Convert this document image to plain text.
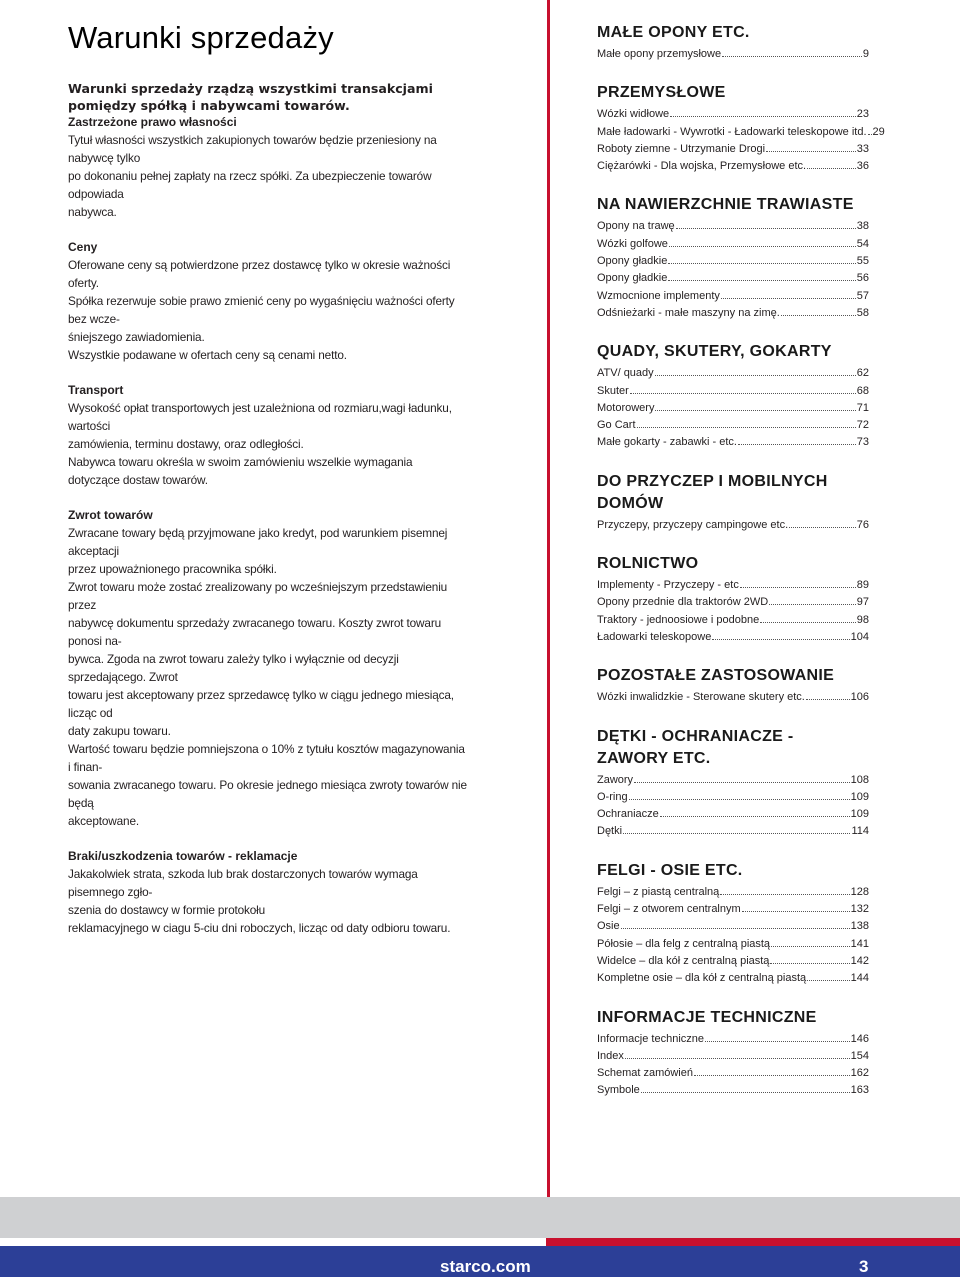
Warunki sprzedaży
Warunki sprzedaży rządzą wszystkimi transakcjami
pomiędzy spółką i nabywcami towarów.
Zastrzeżone prawo własności
Tytuł własności wszystkich zakupionych towarów będzie przeniesiony na nabywcę tylko
po dokonaniu pełnej zapłaty na rzecz spółki. Za ubezpieczenie towarów odpowiada
nabywca.
Ceny
Oferowane ceny są potwierdzone przez dostawcę tylko w okresie ważności oferty.
Spółka rezerwuje sobie prawo zmienić ceny po wygaśnięciu ważności oferty bez wcze-
śniejszego zawiadomienia.
Wszystkie podawane w ofertach ceny są cenami netto.
Transport
Wysokość opłat transportowych jest uzależniona od rozmiaru,wagi ładunku, wartości
zamówienia, terminu dostawy, oraz odległości.
Nabywca towaru określa w swoim zamówieniu wszelkie wymagania
dotyczące dostaw towarów.
Zwrot towarów
Zwracane towary będą przyjmowane jako kredyt, pod warunkiem pisemnej akceptacji
przez upoważnionego pracownika spółki.
Zwrot towaru może zostać zrealizowany po wcześniejszym przedstawieniu przez
nabywcę dokumentu sprzedaży zwracanego towaru. Koszty zwrot towaru ponosi na-
bywca. Zgoda na zwrot towaru zależy tylko i wyłącznie od decyzji sprzedającego. Zwrot
towaru jest akceptowany przez sprzedawcę tylko w ciągu jednego miesiąca, licząc od
daty zakupu towaru.
Wartość towaru będzie pomniejszona o 10% z tytułu kosztów magazynowania i finan-
sowania zwracanego towaru. Po okresie jednego miesiąca zwroty towarów nie będą
akceptowane.
Braki/uszkodzenia towarów - reklamacje
Jakakolwiek strata, szkoda lub brak dostarczonych towarów wymaga pisemnego zgło-
szenia do dostawcy w formie protokołu
reklamacyjnego w ciagu 5-ciu dni roboczych, licząc od daty odbioru towaru.
MAŁE OPONY ETC.
Małe opony przemysłowe	9
PRZEMYSŁOWE
Wózki widłowe	23
Małe ładowarki - Wywrotki - Ładowarki teleskopowe itd. 29
Roboty ziemne - Utrzymanie Drogi	33
Ciężarówki - Dla wojska, Przemysłowe etc.	36
NA NAWIERZCHNIE TRAWIASTE
Opony na trawę	38
Wózki golfowe	54
Opony gładkie	55
Opony gładkie	56
Wzmocnione implementy	57
Odśnieżarki - małe maszyny na zimę.	58
QUADY, SKUTERY, GOKARTY
ATV/ quady	62
Skuter	68
Motorowery	71
Go Cart	72
Małe gokarty - zabawki - etc.	73
DO PRZYCZEP I MOBILNYCH DOMÓW
Przyczepy, przyczepy campingowe etc.	76
ROLNICTWO
Implementy - Przyczepy - etc	89
Opony przednie dla traktorów 2WD	97
Traktory - jednoosiowe i podobne	98
Ładowarki teleskopowe	104
POZOSTAŁE ZASTOSOWANIE
Wózki inwalidzkie - Sterowane skutery etc.	106
DĘTKI - OCHRANIACZE - ZAWORY ETC.
Zawory	108
O-ring	109
Ochraniacze	109
Dętki	114
FELGI - OSIE ETC.
Felgi – z piastą centralną	128
Felgi – z otworem centralnym	132
Osie	138
Półosie – dla felg z centralną piastą	141
Widelce – dla kół z centralną piastą	142
Kompletne osie – dla kół z centralną piastą	144
INFORMACJE TECHNICZNE
Informacje techniczne	146
Index	154
Schemat zamówień	162
Symbole	163
starco.com	3
